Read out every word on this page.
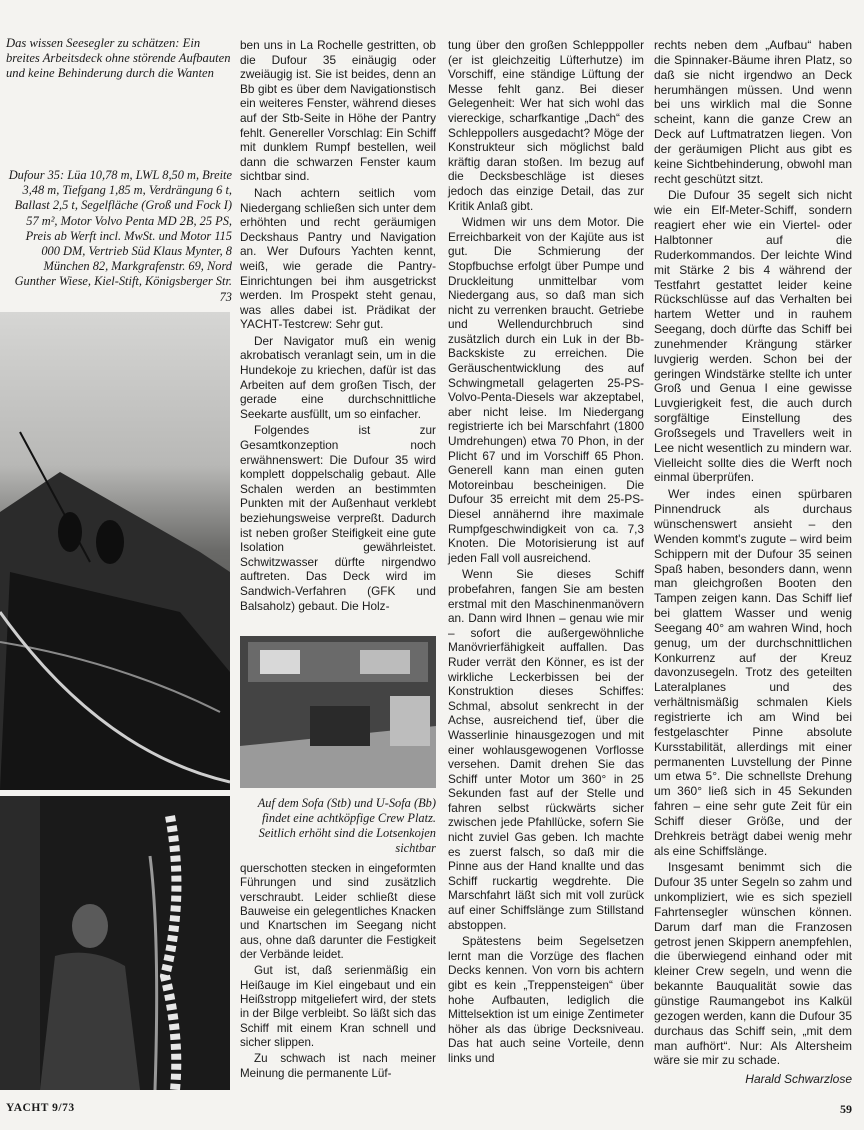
Das wissen Seesegler zu schätzen: Ein breites Arbeitsdeck ohne störende Aufbauten und keine Behinderung durch die Wanten
Dufour 35: Lüa 10,78 m, LWL 8,50 m, Breite 3,48 m, Tiefgang 1,85 m, Verdrängung 6 t, Ballast 2,5 t, Segelfläche (Groß und Fock I) 57 m², Motor Volvo Penta MD 2B, 25 PS, Preis ab Werft incl. MwSt. und Motor 115 000 DM, Vertrieb Süd Klaus Mynter, 8 München 82, Markgrafenstr. 69, Nord Gunther Wiese, Kiel-Stift, Königsberger Str. 73
Auf dem Sofa (Stb) und U-Sofa (Bb) findet eine achtköpfige Crew Platz. Seitlich erhöht sind die Lotsenkojen sichtbar

ben uns in La Rochelle gestritten, ob die Dufour 35 einäugig oder zweiäugig ist. Sie ist beides, denn an Bb gibt es über dem Navigationstisch ein weiteres Fenster, während dieses auf der Stb-Seite in Höhe der Pantry fehlt. Genereller Vorschlag: Ein Schiff mit dunklem Rumpf bestellen, weil dann die schwarzen Fenster kaum sichtbar sind.

Nach achtern seitlich vom Niedergang schließen sich unter dem erhöhten und recht geräumigen Deckshaus Pantry und Navigation an. Wer Dufours Yachten kennt, weiß, wie gerade die Pantry-Einrichtungen bei ihm ausgetrickst werden. Im Prospekt steht genau, was alles dabei ist. Prädikat der YACHT-Testcrew: Sehr gut.

Der Navigator muß ein wenig akrobatisch veranlagt sein, um in die Hundekoje zu kriechen, dafür ist das Arbeiten auf dem großen Tisch, der gerade eine durchschnittliche Seekarte ausfüllt, um so einfacher.

Folgendes ist zur Gesamtkonzeption noch erwähnenswert: Die Dufour 35 wird komplett doppelschalig gebaut. Alle Schalen werden an bestimmten Punkten mit der Außenhaut verklebt beziehungsweise verpreßt. Dadurch ist neben großer Steifigkeit eine gute Isolation gewährleistet. Schwitzwasser dürfte nirgendwo auftreten. Das Deck wird im Sandwich-Verfahren (GFK und Balsaholz) gebaut. Die Holz-

querschotten stecken in eingeformten Führungen und sind zusätzlich verschraubt. Leider schließt diese Bauweise ein gelegentliches Knacken und Knartschen im Seegang nicht aus, ohne daß darunter die Festigkeit der Verbände leidet.

Gut ist, daß serienmäßig ein Heißauge im Kiel eingebaut und ein Heißstropp mitgeliefert wird, der stets in der Bilge verbleibt. So läßt sich das Schiff mit einem Kran schnell und sicher slippen.

Zu schwach ist nach meiner Meinung die permanente Lüf-

tung über den großen Schlepppoller (er ist gleichzeitig Lüfterhutze) im Vorschiff, eine ständige Lüftung der Messe fehlt ganz. Bei dieser Gelegenheit: Wer hat sich wohl das viereckige, scharfkantige „Dach“ des Schleppollers ausgedacht? Möge der Konstrukteur sich möglichst bald kräftig daran stoßen. Im bezug auf die Decksbeschläge ist dieses jedoch das einzige Detail, das zur Kritik Anlaß gibt.

Widmen wir uns dem Motor. Die Erreichbarkeit von der Kajüte aus ist gut. Die Schmierung der Stopfbuchse erfolgt über Pumpe und Druckleitung unmittelbar vom Niedergang aus, so daß man sich nicht zu verrenken braucht. Getriebe und Wellendurchbruch sind zusätzlich durch ein Luk in der Bb-Backskiste zu erreichen. Die Geräuschentwicklung des auf Schwingmetall gelagerten 25-PS-Volvo-Penta-Diesels war akzeptabel, aber nicht leise. Im Niedergang registrierte ich bei Marschfahrt (1800 Umdrehungen) etwa 70 Phon, in der Plicht 67 und im Vorschiff 65 Phon. Generell kann man einen guten Motoreinbau bescheinigen. Die Dufour 35 erreicht mit dem 25-PS-Diesel annähernd ihre maximale Rumpfgeschwindigkeit von ca. 7,3 Knoten. Die Motorisierung ist auf jeden Fall voll ausreichend.

Wenn Sie dieses Schiff probefahren, fangen Sie am besten erstmal mit den Maschinenmanövern an. Dann wird Ihnen – genau wie mir – sofort die außergewöhnliche Manövrierfähigkeit auffallen. Das Ruder verrät den Könner, es ist der wirkliche Leckerbissen bei der Konstruktion dieses Schiffes: Schmal, absolut senkrecht in der Achse, ausreichend tief, über die Wasserlinie hinausgezogen und mit einer wohlausgewogenen Vorflosse versehen. Damit drehen Sie das Schiff unter Motor um 360° in 25 Sekunden fast auf der Stelle und fahren selbst rückwärts sicher zwischen jede Pfahllücke, sofern Sie nicht zuviel Gas geben. Ich machte es zuerst falsch, so daß mir die Pinne aus der Hand knallte und das Schiff ruckartig wegdrehte. Die Marschfahrt läßt sich mit voll zurück auf einer Schiffslänge zum Stillstand abstoppen.

Spätestens beim Segelsetzen lernt man die Vorzüge des flachen Decks kennen. Von vorn bis achtern gibt es kein „Treppensteigen“ über hohe Aufbauten, lediglich die Mittelsektion ist um einige Zentimeter höher als das übrige Decksniveau. Das hat auch seine Vorteile, denn links und

rechts neben dem „Aufbau“ haben die Spinnaker-Bäume ihren Platz, so daß sie nicht irgendwo an Deck herumhängen müssen. Und wenn bei uns wirklich mal die Sonne scheint, kann die ganze Crew an Deck auf Luftmatratzen liegen. Von der geräumigen Plicht aus gibt es keine Sichtbehinderung, obwohl man recht geschützt sitzt.

Die Dufour 35 segelt sich nicht wie ein Elf-Meter-Schiff, sondern reagiert eher wie ein Viertel- oder Halbtonner auf die Ruderkommandos. Der leichte Wind mit Stärke 2 bis 4 während der Testfahrt gestattet leider keine Rückschlüsse auf das Verhalten bei hartem Wetter und in rauhem Seegang, doch dürfte das Schiff bei zunehmender Krängung stärker luvgierig werden. Schon bei der geringen Windstärke stellte ich unter Groß und Genua I eine gewisse Luvgierigkeit fest, die auch durch sorgfältige Einstellung des Großsegels und Travellers weit in Lee nicht wesentlich zu mindern war. Vielleicht sollte dies die Werft noch einmal überprüfen.

Wer indes einen spürbaren Pinnendruck als durchaus wünschenswert ansieht – den Wenden kommt's zugute – wird beim Schippern mit der Dufour 35 seinen Spaß haben, besonders dann, wenn man gleichgroßen Booten den Tampen zeigen kann. Das Schiff lief bei glattem Wasser und wenig Seegang 40° am wahren Wind, hoch genug, um der durchschnittlichen Konkurrenz auf der Kreuz davonzusegeln. Trotz des geteilten Lateralplanes und des verhältnismäßig schmalen Kiels registrierte ich am Wind bei festgelaschter Pinne absolute Kursstabilität, allerdings mit einer permanenten Luvstellung der Pinne um etwa 5°. Die schnellste Drehung um 360° ließ sich in 45 Sekunden fahren – eine sehr gute Zeit für ein Schiff dieser Größe, und der Drehkreis beträgt dabei wenig mehr als eine Schiffslänge.

Insgesamt benimmt sich die Dufour 35 unter Segeln so zahm und unkompliziert, wie es sich speziell Fahrtensegler wünschen können. Darum darf man die Franzosen getrost jenen Skippern anempfehlen, die überwiegend einhand oder mit kleiner Crew segeln, und wenn die bekannte Bauqualität sowie das günstige Raumangebot ins Kalkül gezogen werden, kann die Dufour 35 durchaus das Schiff sein, „mit dem man aufhört“. Nur: Als Altersheim wäre sie mir zu schade.

Harald Schwarzlose
YACHT 9/73	59
